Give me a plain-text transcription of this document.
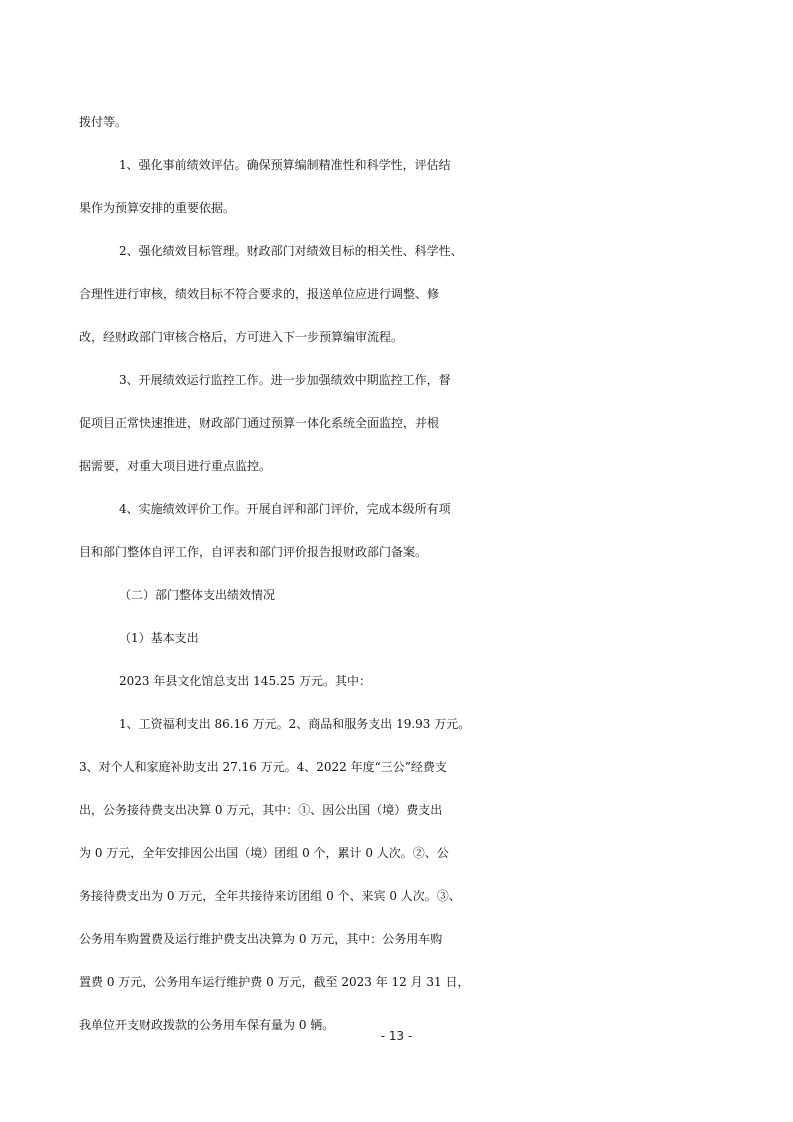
拨付等。
1、强化事前绩效评估。确保预算编制精准性和科学性，评估结
果作为预算安排的重要依据。
2、强化绩效目标管理。财政部门对绩效目标的相关性、科学性、
合理性进行审核，绩效目标不符合要求的，报送单位应进行调整、修
改，经财政部门审核合格后，方可进入下一步预算编审流程。
3、开展绩效运行监控工作。进一步加强绩效中期监控工作，督
促项目正常快速推进，财政部门通过预算一体化系统全面监控，并根
据需要，对重大项目进行重点监控。
4、实施绩效评价工作。开展自评和部门评价，完成本级所有项
目和部门整体自评工作，自评表和部门评价报告报财政部门备案。
（二）部门整体支出绩效情况
（1）基本支出
2023 年县文化馆总支出 145.25 万元。其中：
1、工资福利支出 86.16 万元。2、商品和服务支出 19.93 万元。
3、对个人和家庭补助支出 27.16 万元。4、2022 年度“三公”经费支
出，公务接待费支出决算 0 万元，其中：①、因公出国（境）费支出
为 0 万元，全年安排因公出国（境）团组 0 个，累计 0 人次。②、公
务接待费支出为 0 万元，全年共接待来访团组 0 个、来宾 0 人次。③、
公务用车购置费及运行维护费支出决算为 0 万元，其中：公务用车购
置费 0 万元，公务用车运行维护费 0 万元，截至 2023 年 12 月 31 日，
我单位开支财政拨款的公务用车保有量为 0 辆。
- 13 -
